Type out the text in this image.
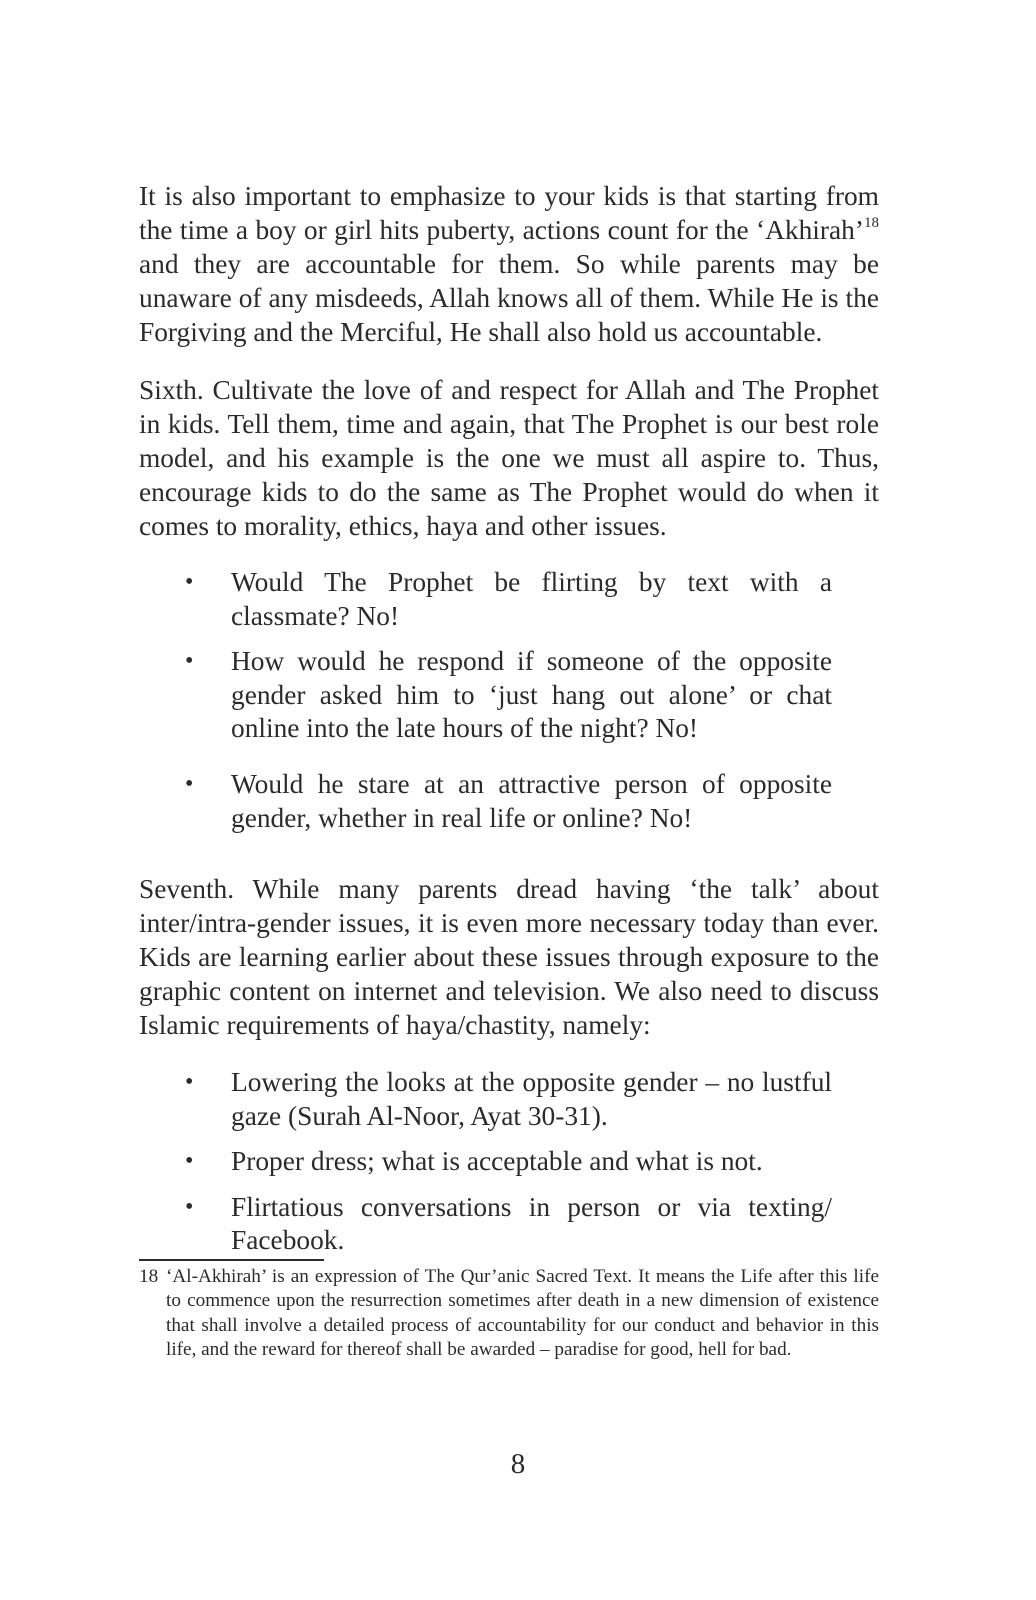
It is also important to emphasize to your kids is that starting from the time a boy or girl hits puberty, actions count for the ‘Akhirah’$^{18}$ and they are accountable for them. So while parents may be unaware of any misdeeds, Allah knows all of them. While He is the Forgiving and the Merciful, He shall also hold us accountable.

Sixth. Cultivate the love of and respect for Allah and The Prophet in kids. Tell them, time and again, that The Prophet is our best role model, and his example is the one we must all aspire to. Thus, encourage kids to do the same as The Prophet would do when it comes to morality, ethics, haya and other issues.

• Would The Prophet be flirting by text with a classmate? No!
• How would he respond if someone of the opposite gender asked him to ‘just hang out alone’ or chat online into the late hours of the night? No!
• Would he stare at an attractive person of opposite gender, whether in real life or online? No!

Seventh. While many parents dread having ‘the talk’ about inter/intra-gender issues, it is even more necessary today than ever. Kids are learning earlier about these issues through exposure to the graphic content on internet and television. We also need to discuss Islamic requirements of haya/chastity, namely:

• Lowering the looks at the opposite gender – no lustful gaze (Surah Al-Noor, Ayat 30-31).
• Proper dress; what is acceptable and what is not.
• Flirtatious conversations in person or via texting/ Facebook.

18 ‘Al-Akhirah’ is an expression of The Qur’anic Sacred Text. It means the Life after this life to commence upon the resurrection sometimes after death in a new dimension of existence that shall involve a detailed process of accountability for our conduct and behavior in this life, and the reward for thereof shall be awarded – paradise for good, hell for bad.

8
